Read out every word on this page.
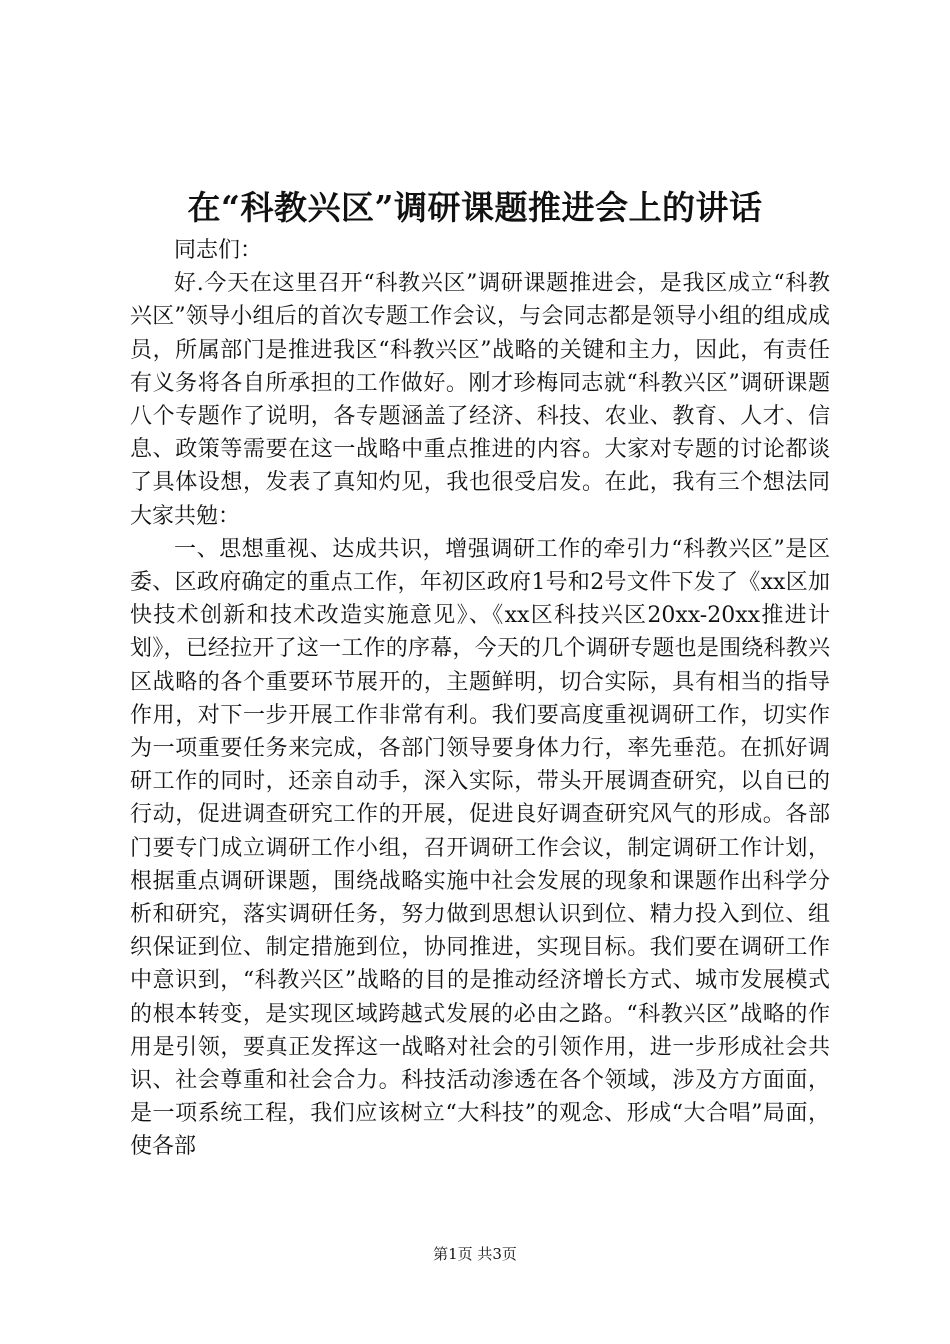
在“科教兴区”调研课题推进会上的讲话

同志们：

好.今天在这里召开“科教兴区”调研课题推进会，是我区成立“科教兴区”领导小组后的首次专题工作会议，与会同志都是领导小组的组成成员，所属部门是推进我区“科教兴区”战略的关键和主力，因此，有责任有义务将各自所承担的工作做好。刚才珍梅同志就“科教兴区”调研课题八个专题作了说明，各专题涵盖了经济、科技、农业、教育、人才、信息、政策等需要在这一战略中重点推进的内容。大家对专题的讨论都谈了具体设想，发表了真知灼见，我也很受启发。在此，我有三个想法同大家共勉：

一、思想重视、达成共识，增强调研工作的牵引力“科教兴区”是区委、区政府确定的重点工作，年初区政府1号和2号文件下发了《xx区加快技术创新和技术改造实施意见》、《xx区科技兴区20xx-20xx推进计划》，已经拉开了这一工作的序幕，今天的几个调研专题也是围绕科教兴区战略的各个重要环节展开的，主题鲜明，切合实际，具有相当的指导作用，对下一步开展工作非常有利。我们要高度重视调研工作，切实作为一项重要任务来完成，各部门领导要身体力行，率先垂范。在抓好调研工作的同时，还亲自动手，深入实际，带头开展调查研究，以自已的行动，促进调查研究工作的开展，促进良好调查研究风气的形成。各部门要专门成立调研工作小组，召开调研工作会议，制定调研工作计划，根据重点调研课题，围绕战略实施中社会发展的现象和课题作出科学分析和研究，落实调研任务，努力做到思想认识到位、精力投入到位、组织保证到位、制定措施到位，协同推进，实现目标。我们要在调研工作中意识到，“科教兴区”战略的目的是推动经济增长方式、城市发展模式的根本转变，是实现区域跨越式发展的必由之路。“科教兴区”战略的作用是引领，要真正发挥这一战略对社会的引领作用，进一步形成社会共识、社会尊重和社会合力。科技活动渗透在各个领域，涉及方方面面，是一项系统工程，我们应该树立“大科技”的观念、形成“大合唱”局面，使各部

第1页 共3页
